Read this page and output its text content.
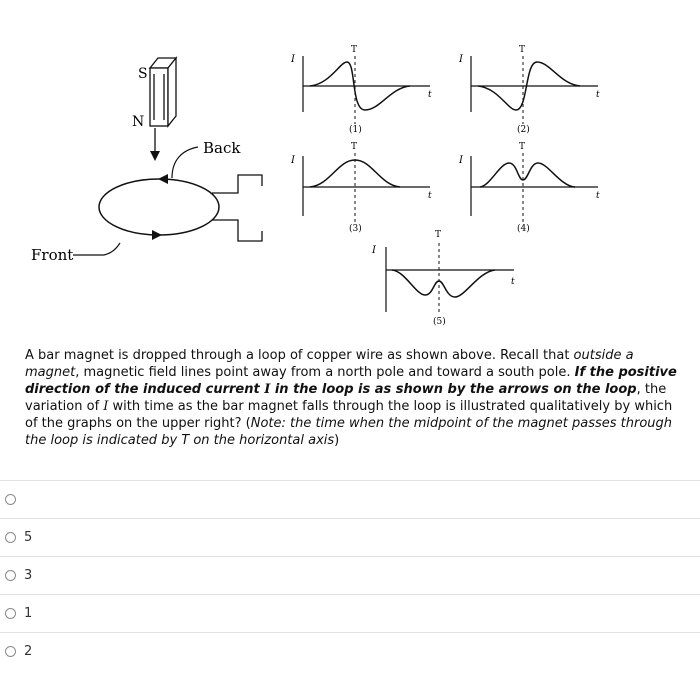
S
N
Back
Front
I
t
T
(1)
I
t
T
(2)
I
t
T
(3)
I
t
T
(4)
I
t
T
(5)
A bar magnet is dropped through a loop of copper wire as shown above. Recall that outside a magnet, magnetic field lines point away from a north pole and toward a south pole. If the positive direction of the induced current I in the loop is as shown by the arrows on the loop, the variation of I with time as the bar magnet falls through the loop is illustrated qualitatively by which of the graphs on the upper right? (Note: the time when the midpoint of the magnet passes through the loop is indicated by T on the horizontal axis)
5
3
1
2
